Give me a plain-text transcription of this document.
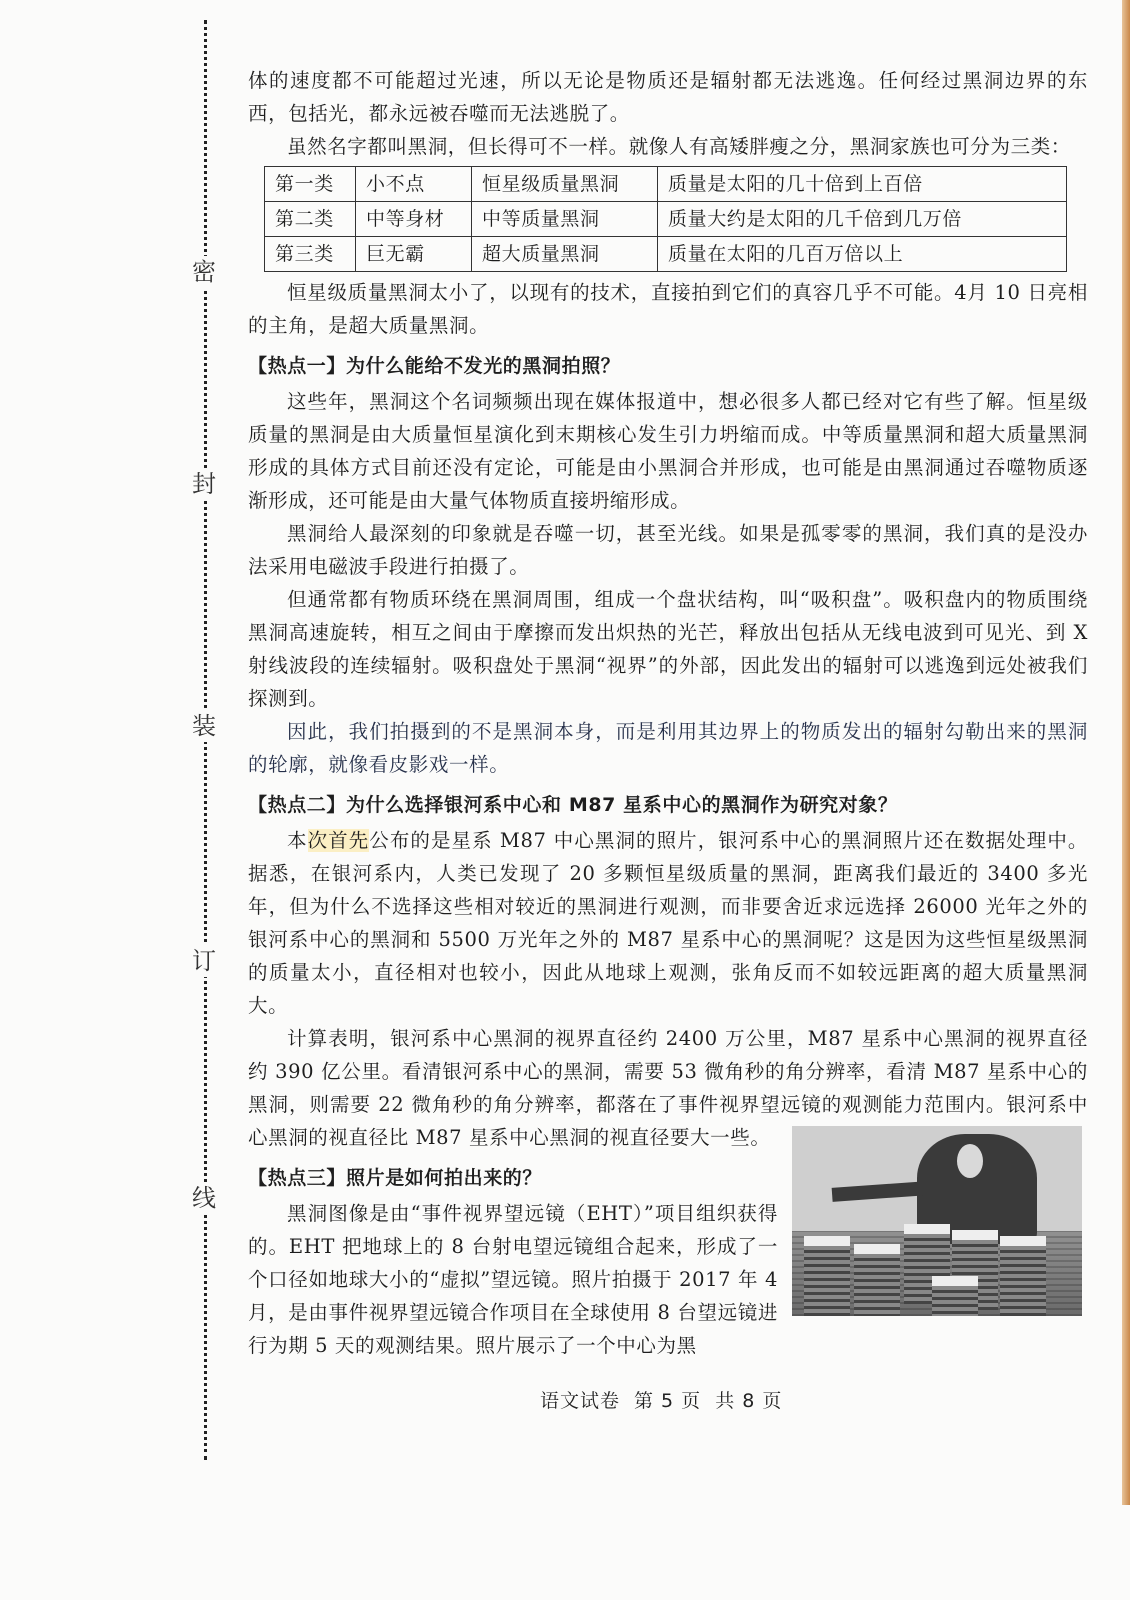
密
封
装
订
线

体的速度都不可能超过光速，所以无论是物质还是辐射都无法逃逸。任何经过黑洞边界的东西，包括光，都永远被吞噬而无法逃脱了。

虽然名字都叫黑洞，但长得可不一样。就像人有高矮胖瘦之分，黑洞家族也可分为三类：

第一类	小不点	恒星级质量黑洞	质量是太阳的几十倍到上百倍
第二类	中等身材	中等质量黑洞	质量大约是太阳的几千倍到几万倍
第三类	巨无霸	超大质量黑洞	质量在太阳的几百万倍以上

恒星级质量黑洞太小了，以现有的技术，直接拍到它们的真容几乎不可能。4月 10 日亮相的主角，是超大质量黑洞。

【热点一】为什么能给不发光的黑洞拍照？

这些年，黑洞这个名词频频出现在媒体报道中，想必很多人都已经对它有些了解。恒星级质量的黑洞是由大质量恒星演化到末期核心发生引力坍缩而成。中等质量黑洞和超大质量黑洞形成的具体方式目前还没有定论，可能是由小黑洞合并形成，也可能是由黑洞通过吞噬物质逐渐形成，还可能是由大量气体物质直接坍缩形成。

黑洞给人最深刻的印象就是吞噬一切，甚至光线。如果是孤零零的黑洞，我们真的是没办法采用电磁波手段进行拍摄了。

但通常都有物质环绕在黑洞周围，组成一个盘状结构，叫“吸积盘”。吸积盘内的物质围绕黑洞高速旋转，相互之间由于摩擦而发出炽热的光芒，释放出包括从无线电波到可见光、到 X 射线波段的连续辐射。吸积盘处于黑洞“视界”的外部，因此发出的辐射可以逃逸到远处被我们探测到。

因此，我们拍摄到的不是黑洞本身，而是利用其边界上的物质发出的辐射勾勒出来的黑洞的轮廓，就像看皮影戏一样。

【热点二】为什么选择银河系中心和 M87 星系中心的黑洞作为研究对象？

本次首先公布的是星系 M87 中心黑洞的照片，银河系中心的黑洞照片还在数据处理中。据悉，在银河系内，人类已发现了 20 多颗恒星级质量的黑洞，距离我们最近的 3400 多光年，但为什么不选择这些相对较近的黑洞进行观测，而非要舍近求远选择 26000 光年之外的银河系中心的黑洞和 5500 万光年之外的 M87 星系中心的黑洞呢？这是因为这些恒星级黑洞的质量太小，直径相对也较小，因此从地球上观测，张角反而不如较远距离的超大质量黑洞大。

计算表明，银河系中心黑洞的视界直径约 2400 万公里，M87 星系中心黑洞的视界直径约 390 亿公里。看清银河系中心的黑洞，需要 53 微角秒的角分辨率，看清 M87 星系中心的黑洞，则需要 22 微角秒的角分辨率，都落在了事件视界望远镜的观测能力范围内。银河系中心黑洞的视直径比 M87 星系中心黑洞的视直径要大一些。

【热点三】照片是如何拍出来的？

黑洞图像是由“事件视界望远镜（EHT）”项目组织获得的。EHT 把地球上的 8 台射电望远镜组合起来，形成了一个口径如地球大小的“虚拟”望远镜。照片拍摄于 2017 年 4 月，是由事件视界望远镜合作项目在全球使用 8 台望远镜进行为期 5 天的观测结果。照片展示了一个中心为黑

语文试卷 第 5 页 共 8 页
